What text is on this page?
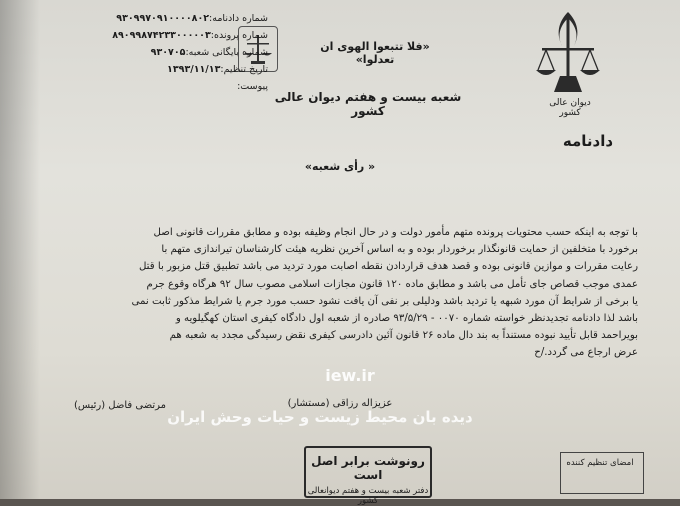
دیوان عالی کشور
«فلا تتبعوا الهوی ان تعدلوا»
شعبه بیست و هفتم دیوان عالی کشور
شماره دادنامه:۹۳۰۹۹۷۰۹۱۰۰۰۰۸۰۲
شماره پرونده:۸۹۰۹۹۸۷۴۲۳۳۰۰۰۰۰۳
شماره بایگانی شعبه:۹۳۰۷۰۵
تاریخ تنظیم:۱۳۹۳/۱۱/۱۳
پیوست:
دادنامه
« رأی شعبه»

با توجه به اینکه حسب محتویات پرونده متهم مأمور دولت و در حال انجام وظیفه بوده و مطابق مقررات قانونی اصل

برخورد با متخلفین از حمایت قانونگذار برخوردار بوده و به اساس آخرین نظریه هیئت کارشناسان تیراندازی متهم با

رعایت مقررات و موازین قانونی بوده و قصد هدف قراردادن نقطه اصابت مورد تردید می باشد تطبیق قتل مزبور با قتل

عمدی موجب قصاص جای تأمل می باشد و مطابق ماده ۱۲۰ قانون مجازات اسلامی مصوب سال ۹۲ هرگاه وقوع جرم

یا برخی از شرایط آن مورد شبهه یا تردید باشد ودلیلی بر نفی آن یافت نشود حسب مورد جرم یا شرایط مذکور ثابت نمی

باشد لذا دادنامه تجدیدنظر خواسته شماره ۰۰۷۰ - ۹۳/۵/۲۹ صادره از شعبه اول دادگاه کیفری استان کهگیلویه و

بویراحمد قابل تأیید نبوده مستنداً به بند دال ماده ۲۶ قانون آئین دادرسی کیفری نقض رسیدگی مجدد به شعبه هم

عرض ارجاع می گردد./ح

iew.ir
عزیزاله رزاقی (مستشار)
مرتضی فاضل (رئیس)
دیده بان محیط زیست و حیات وحش ایران
رونوشت برابر اصل است
دفتر شعبه بیست و هفتم دیوانعالی کشور
امضای تنظیم کننده
